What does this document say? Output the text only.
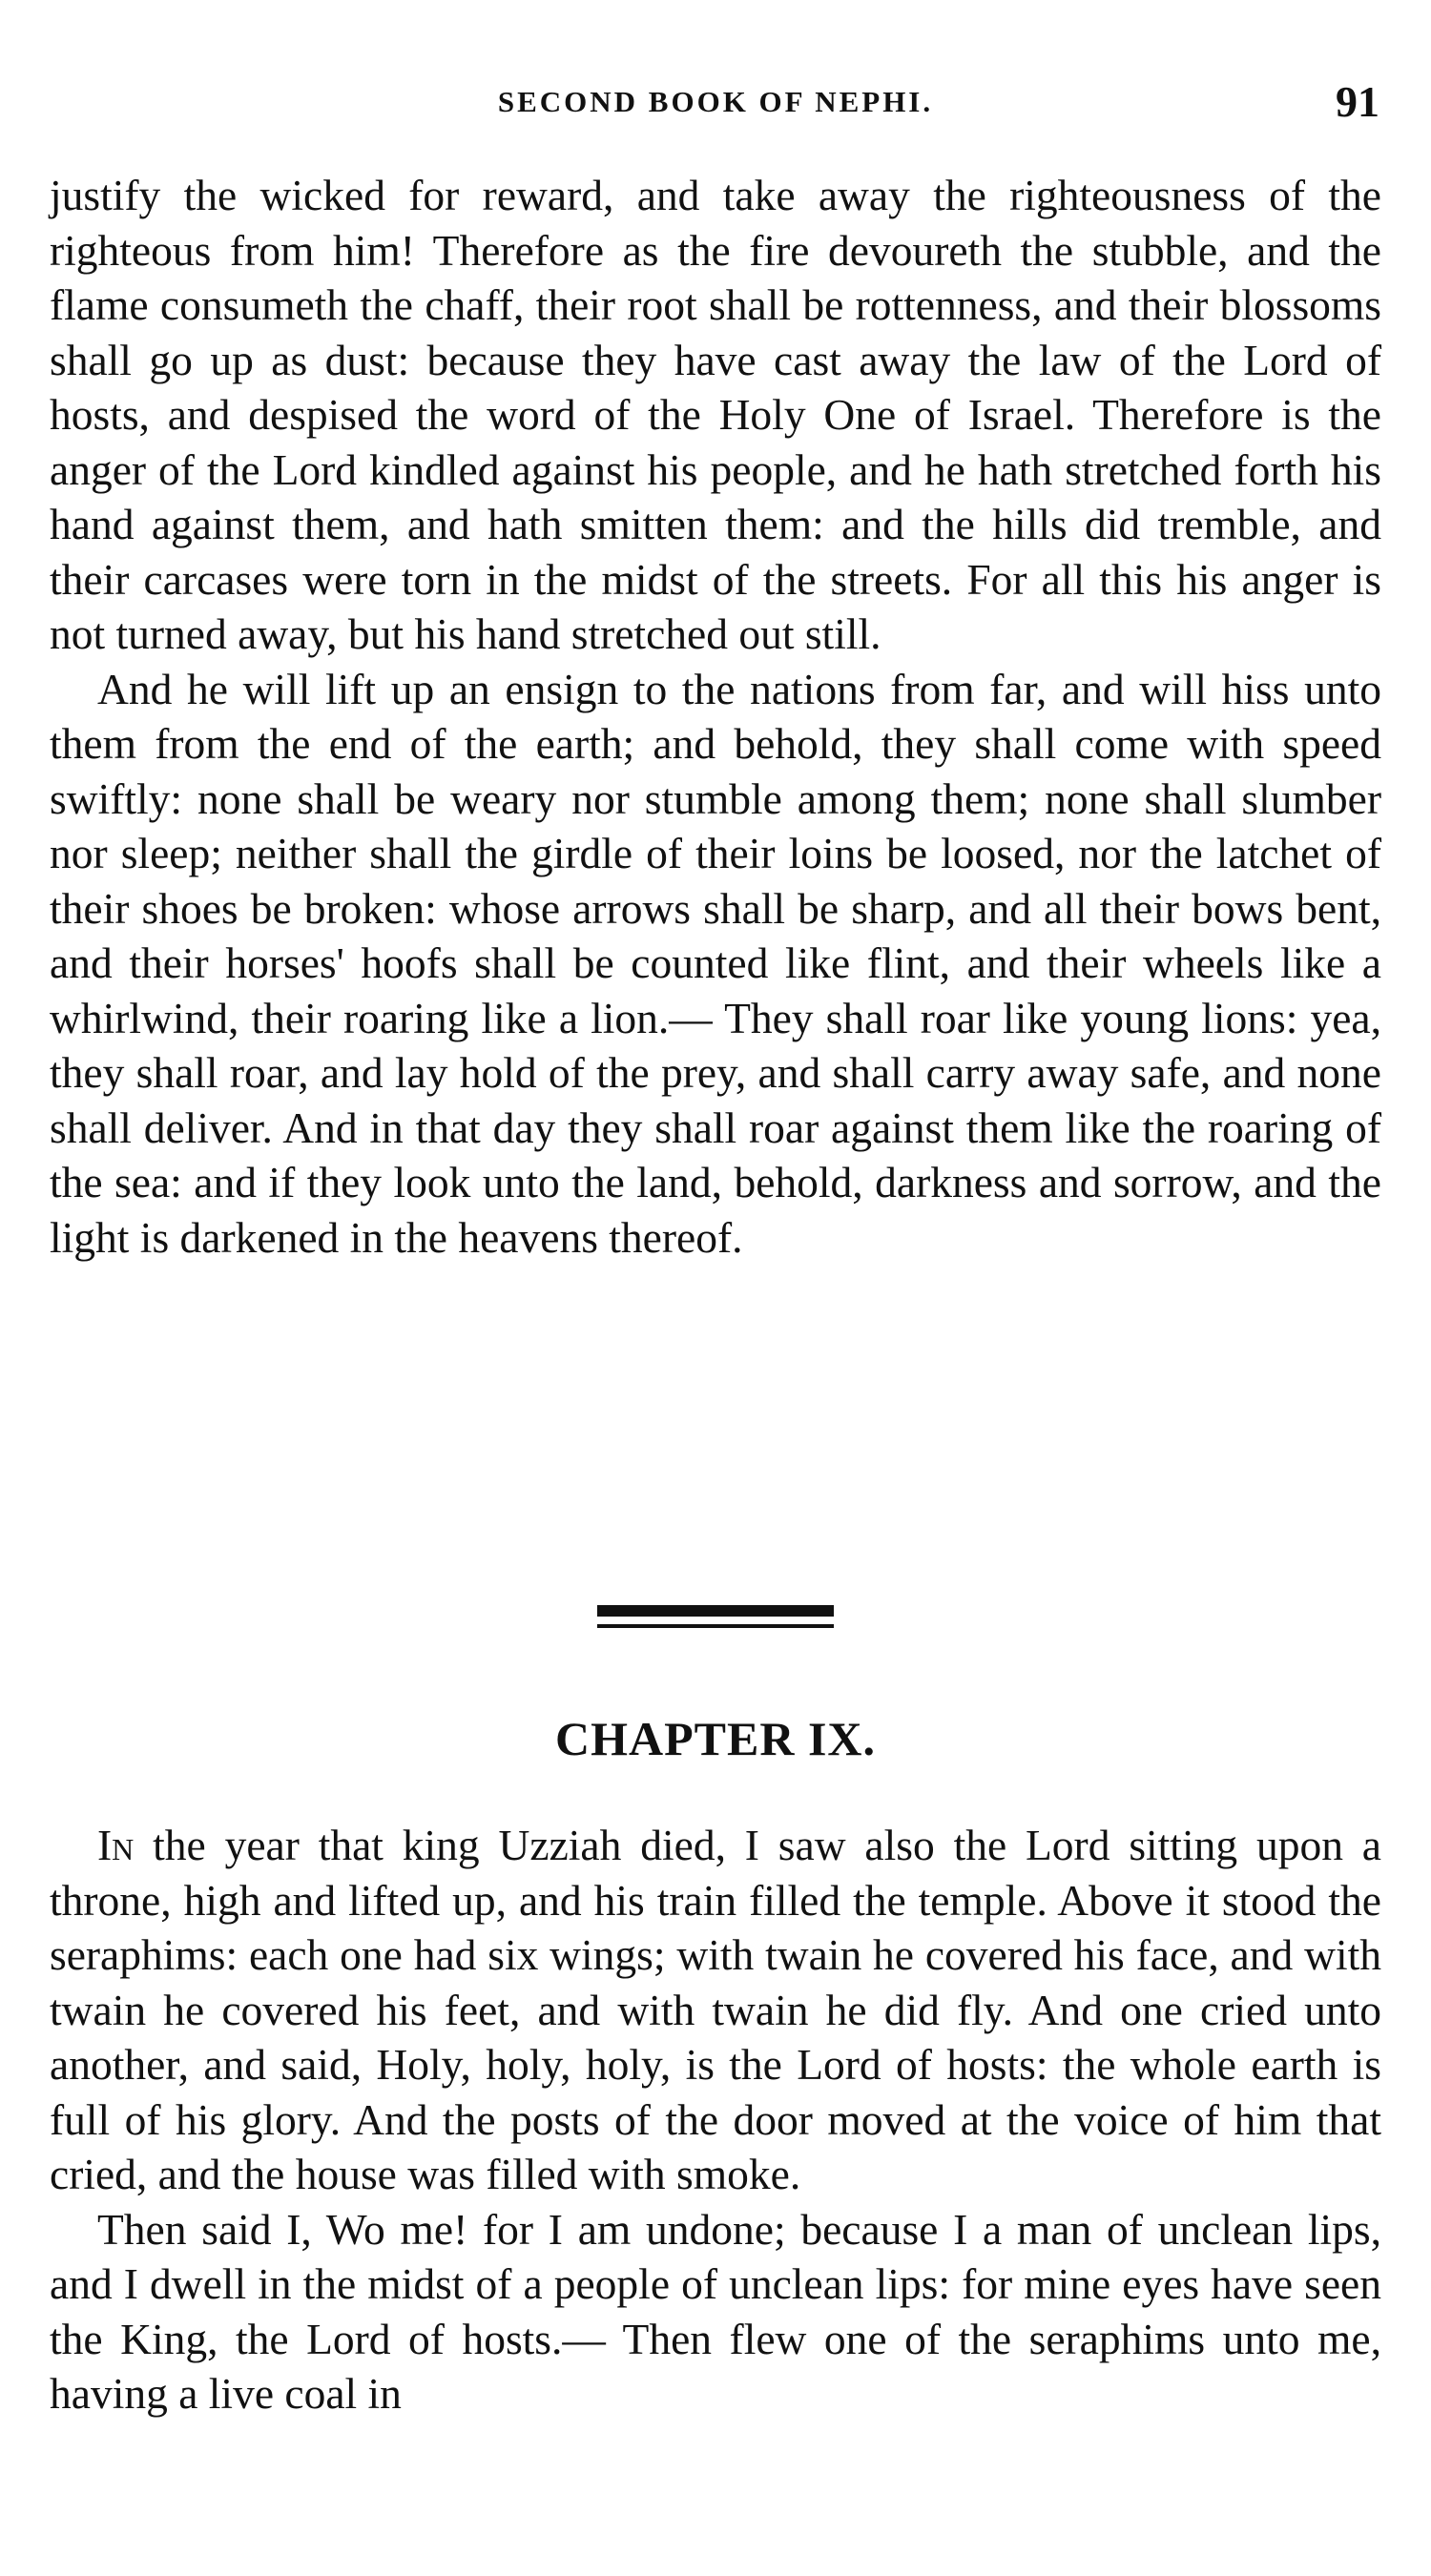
SECOND BOOK OF NEPHI.	91

justify the wicked for reward, and take away the righteousness of the righteous from him! Therefore as the fire devoureth the stubble, and the flame consumeth the chaff, their root shall be rottenness, and their blossoms shall go up as dust: because they have cast away the law of the Lord of hosts, and despised the word of the Holy One of Israel. Therefore is the anger of the Lord kindled against his people, and he hath stretched forth his hand against them, and hath smitten them: and the hills did tremble, and their carcases were torn in the midst of the streets. For all this his anger is not turned away, but his hand stretched out still.

And he will lift up an ensign to the nations from far, and will hiss unto them from the end of the earth; and behold, they shall come with speed swiftly: none shall be weary nor stumble among them; none shall slumber nor sleep; neither shall the girdle of their loins be loosed, nor the latchet of their shoes be broken: whose arrows shall be sharp, and all their bows bent, and their horses' hoofs shall be counted like flint, and their wheels like a whirlwind, their roaring like a lion.— They shall roar like young lions: yea, they shall roar, and lay hold of the prey, and shall carry away safe, and none shall deliver. And in that day they shall roar against them like the roaring of the sea: and if they look unto the land, behold, darkness and sorrow, and the light is darkened in the heavens thereof.

CHAPTER IX.

In the year that king Uzziah died, I saw also the Lord sitting upon a throne, high and lifted up, and his train filled the temple. Above it stood the seraphims: each one had six wings; with twain he covered his face, and with twain he covered his feet, and with twain he did fly. And one cried unto another, and said, Holy, holy, holy, is the Lord of hosts: the whole earth is full of his glory. And the posts of the door moved at the voice of him that cried, and the house was filled with smoke.

Then said I, Wo me! for I am undone; because I a man of unclean lips, and I dwell in the midst of a people of unclean lips: for mine eyes have seen the King, the Lord of hosts.— Then flew one of the seraphims unto me, having a live coal in
